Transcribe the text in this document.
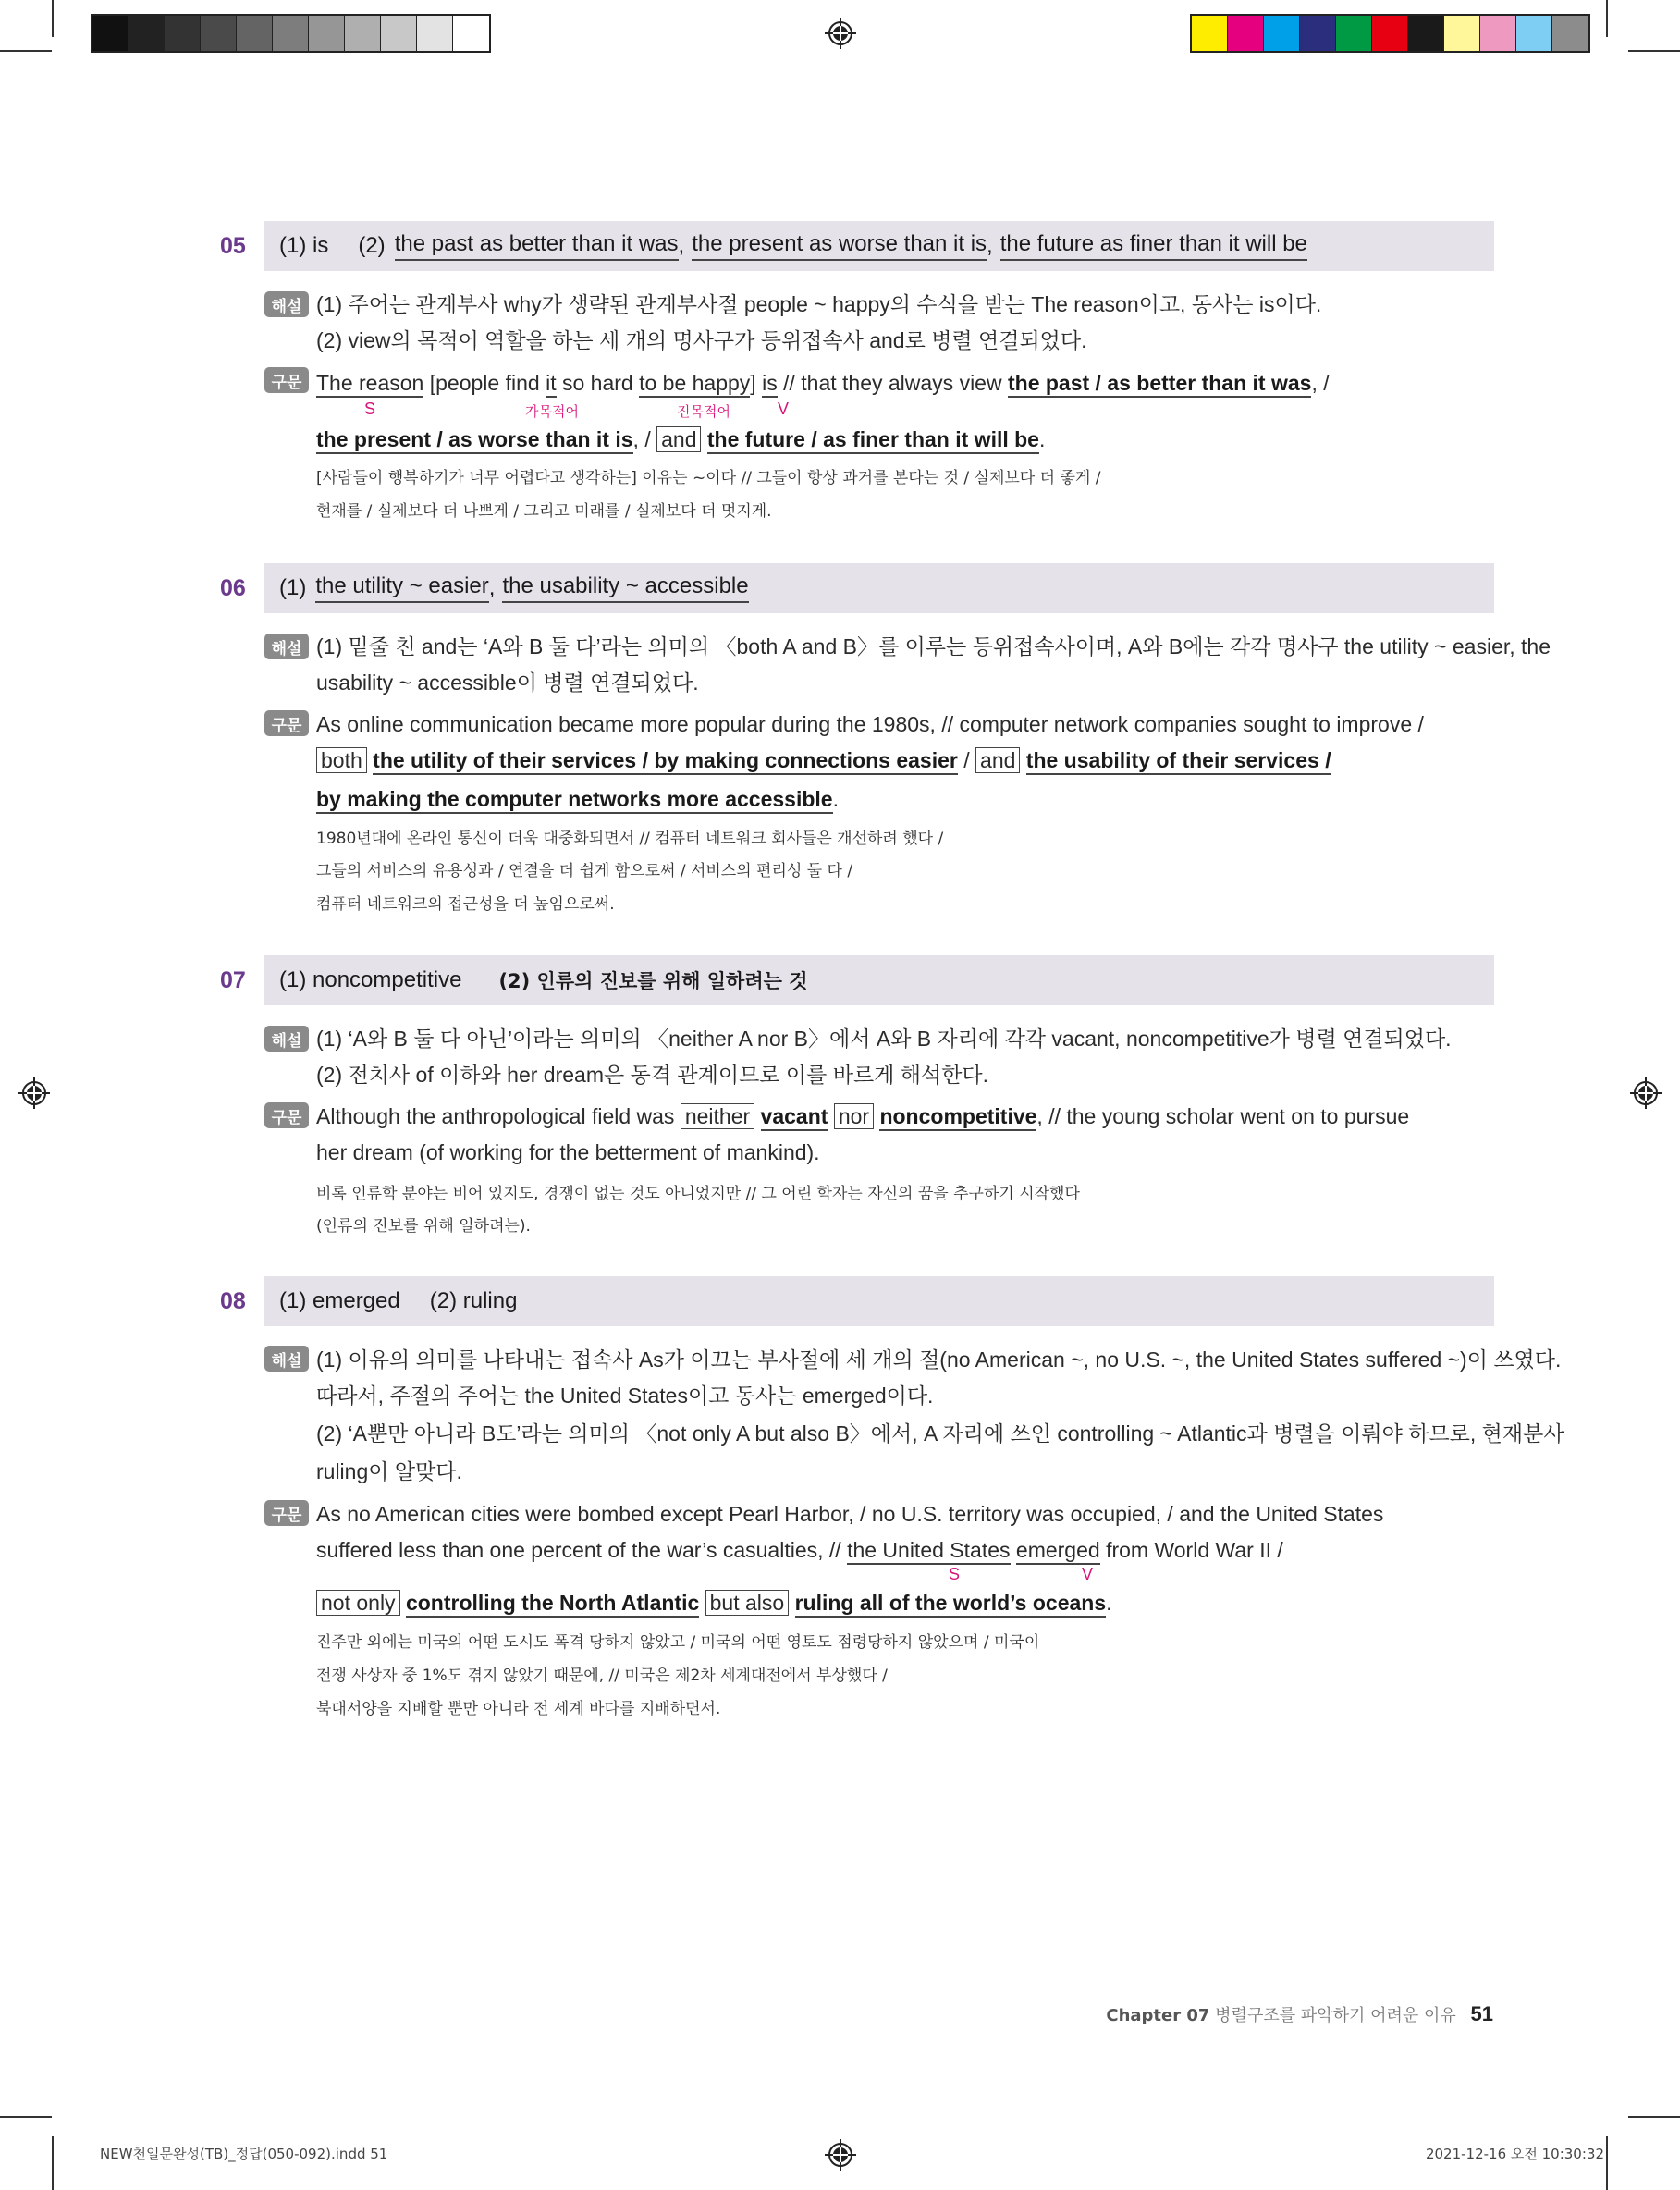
05 (1) is (2) the past as better than it was , the present as worse than it is , the future as finer than it will be
해설 (1) 주어는 관계부사 why가 생략된 관계부사절 people ~ happy의 수식을 받는 The reason이고, 동사는 is이다.
(2) view의 목적어 역할을 하는 세 개의 명사구가 등위접속사 and로 병렬 연결되었다.
구문 The reason [people find it so hard to be happy] is // that they always view the past / as better than it was, /
S	가목적어	진목적어	V
the present / as worse than it is, / and the future / as finer than it will be.
[사람들이 행복하기가 너무 어렵다고 생각하는] 이유는 ~이다 // 그들이 항상 과거를 본다는 것 / 실제보다 더 좋게 /
현재를 / 실제보다 더 나쁘게 / 그리고 미래를 / 실제보다 더 멋지게.
06 (1) the utility ~ easier , the usability ~ accessible
해설 (1) 밑줄 친 and는 ‘A와 B 둘 다’라는 의미의 〈both A and B〉를 이루는 등위접속사이며, A와 B에는 각각 명사구 the utility ~ easier, the
usability ~ accessible이 병렬 연결되었다.
구문 As online communication became more popular during the 1980s, // computer network companies sought to improve /
both the utility of their services / by making connections easier / and the usability of their services /
by making the computer networks more accessible.
1980년대에 온라인 통신이 더욱 대중화되면서 // 컴퓨터 네트워크 회사들은 개선하려 했다 /
그들의 서비스의 유용성과 / 연결을 더 쉽게 함으로써 / 서비스의 편리성 둘 다 /
컴퓨터 네트워크의 접근성을 더 높임으로써.
07 (1) noncompetitive (2) 인류의 진보를 위해 일하려는 것
해설 (1) ‘A와 B 둘 다 아닌’이라는 의미의 〈neither A nor B〉에서 A와 B 자리에 각각 vacant, noncompetitive가 병렬 연결되었다.
(2) 전치사 of 이하와 her dream은 동격 관계이므로 이를 바르게 해석한다.
구문 Although the anthropological field was neither vacant nor noncompetitive, // the young scholar went on to pursue
her dream (of working for the betterment of mankind).
비록 인류학 분야는 비어 있지도, 경쟁이 없는 것도 아니었지만 // 그 어린 학자는 자신의 꿈을 추구하기 시작했다
(인류의 진보를 위해 일하려는).
08 (1) emerged (2) ruling
해설 (1) 이유의 의미를 나타내는 접속사 As가 이끄는 부사절에 세 개의 절(no American ~, no U.S. ~, the United States suffered ~)이 쓰였다.
따라서, 주절의 주어는 the United States이고 동사는 emerged이다.
(2) ‘A뿐만 아니라 B도’라는 의미의 〈not only A but also B〉에서, A 자리에 쓰인 controlling ~ Atlantic과 병렬을 이뤄야 하므로, 현재분사
ruling이 알맞다.
구문 As no American cities were bombed except Pearl Harbor, / no U.S. territory was occupied, / and the United States
suffered less than one percent of the war’s casualties, // the United States emerged from World War II /
S	V
not only controlling the North Atlantic but also ruling all of the world’s oceans.
진주만 외에는 미국의 어떤 도시도 폭격 당하지 않았고 / 미국의 어떤 영토도 점령당하지 않았으며 / 미국이
전쟁 사상자 중 1%도 겪지 않았기 때문에, // 미국은 제2차 세계대전에서 부상했다 /
북대서양을 지배할 뿐만 아니라 전 세계 바다를 지배하면서.
Chapter 07 병렬구조를 파악하기 어려운 이유 51
NEW천일문완성(TB)_정답(050-092).indd 51	2021-12-16 오전 10:30:32
